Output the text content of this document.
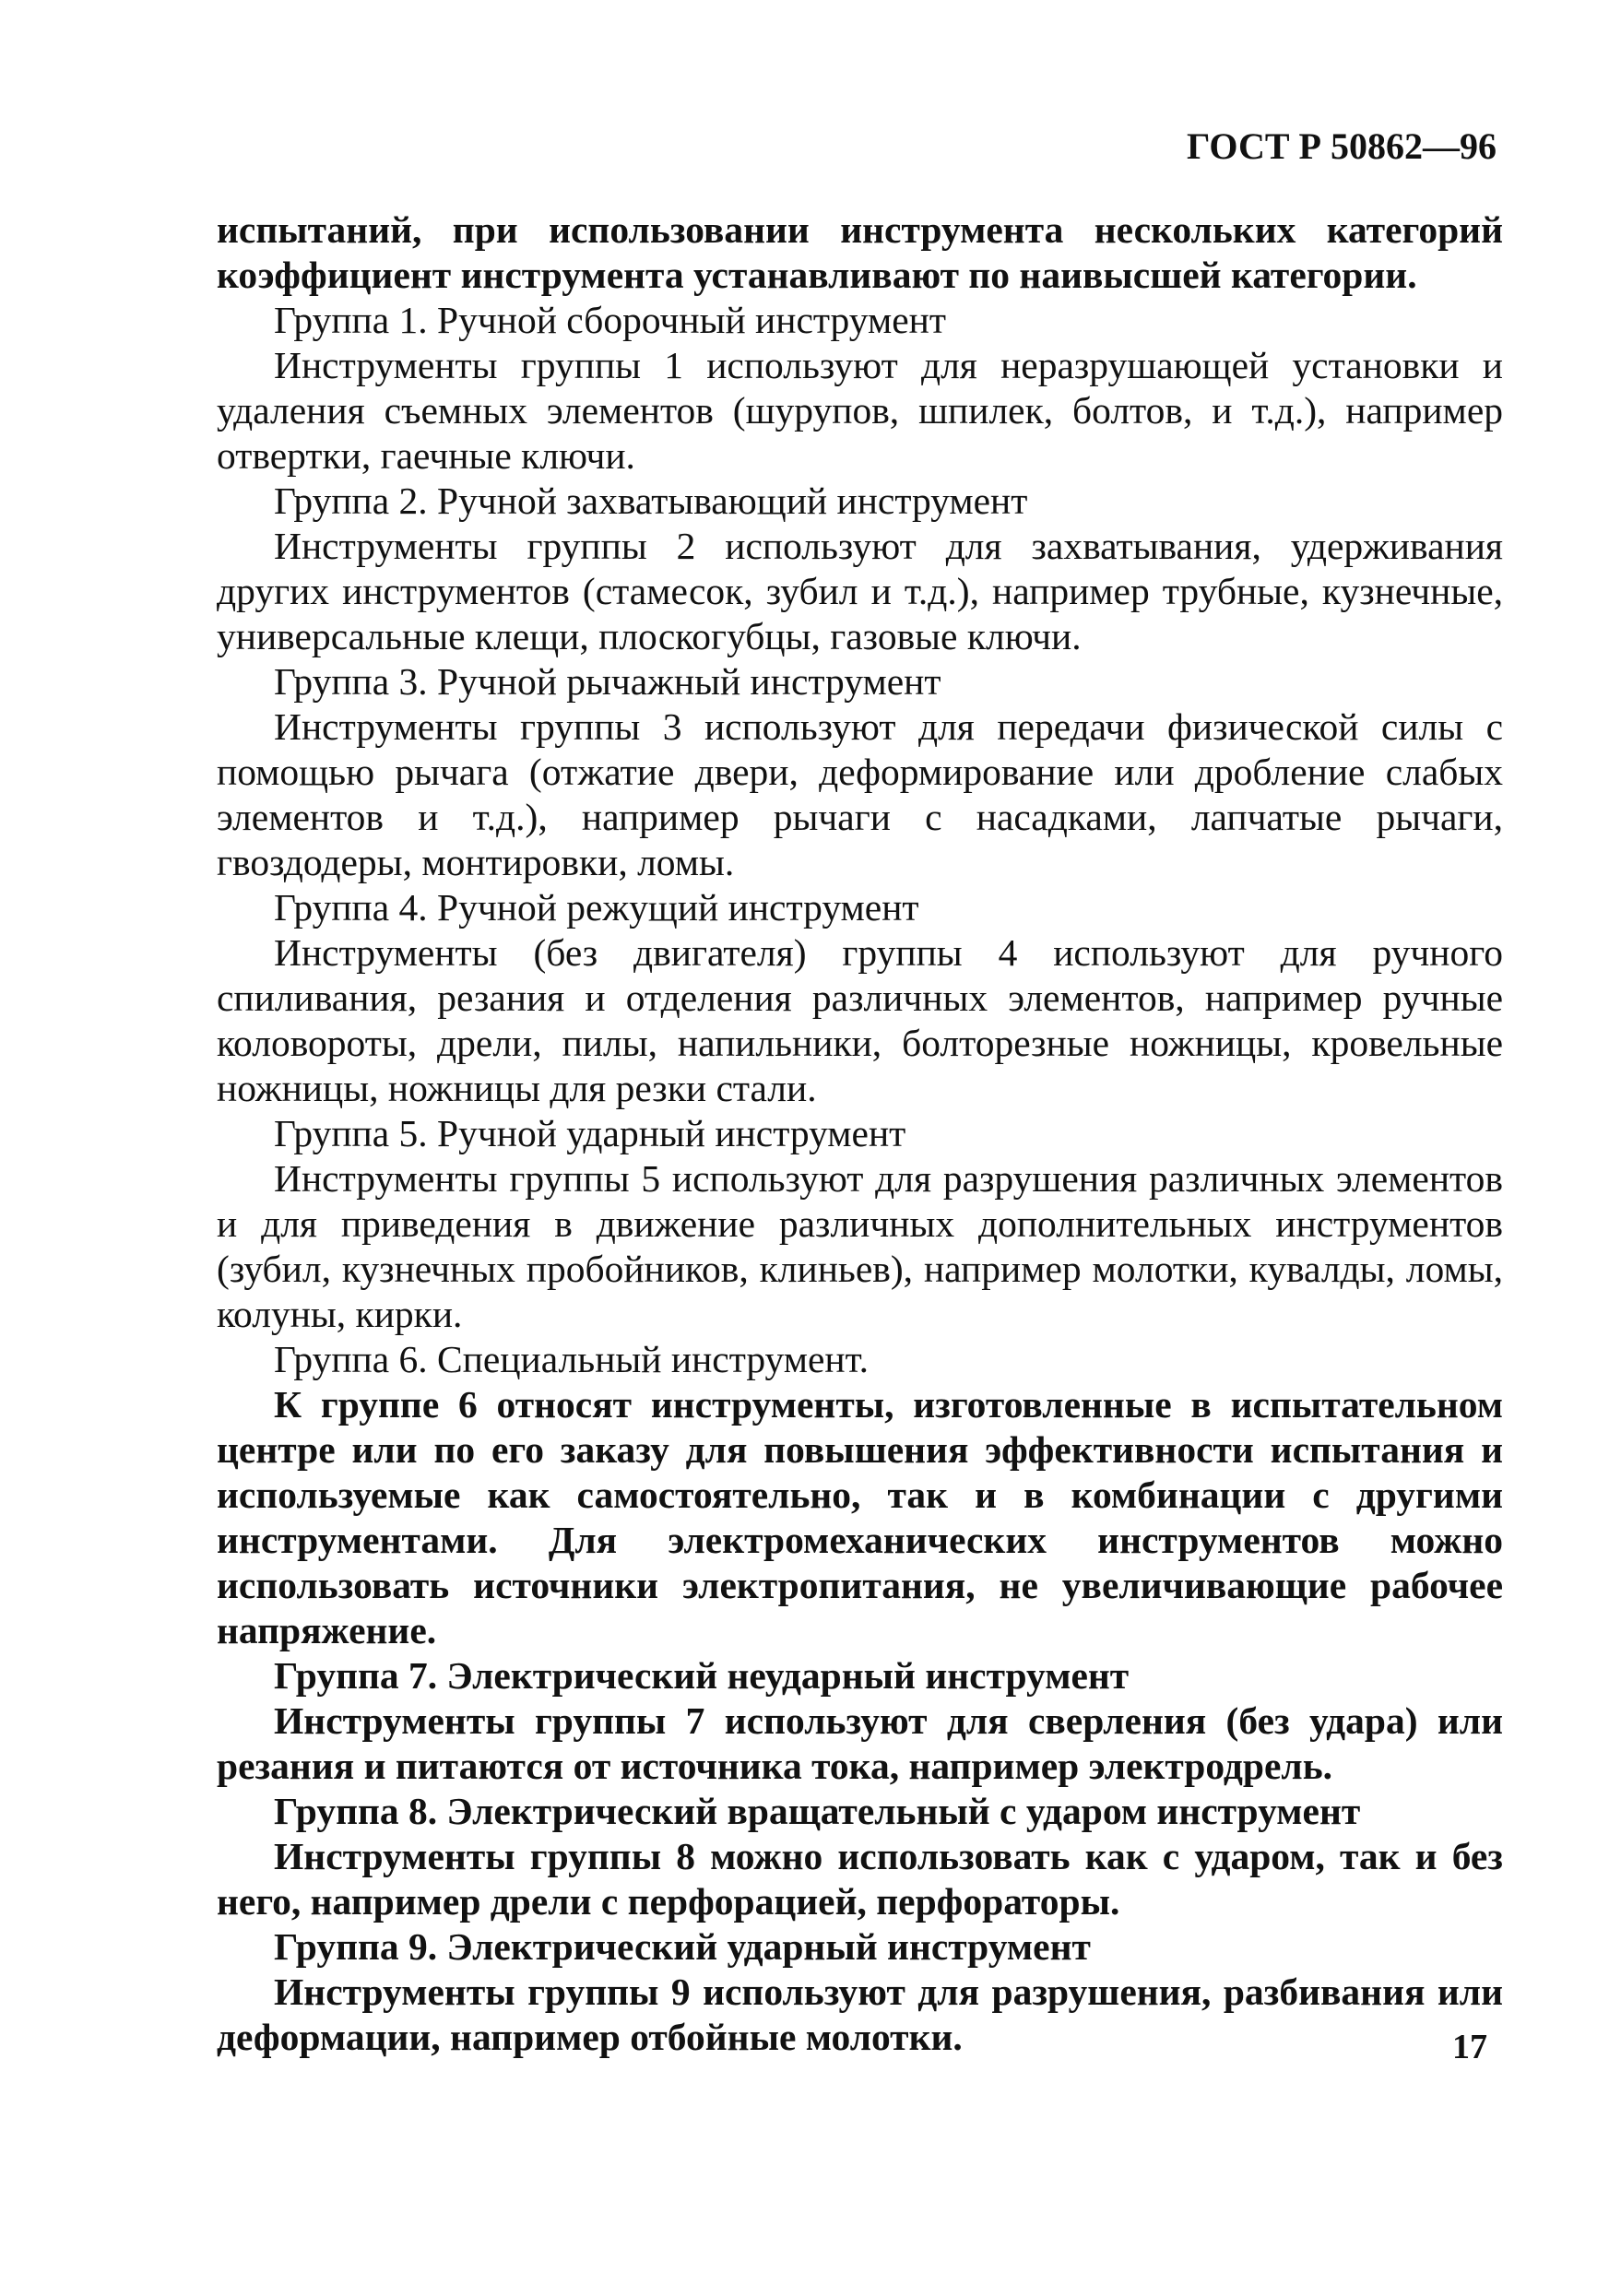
ГОСТ Р 50862—96

испытаний, при использовании инструмента нескольких категорий коэффициент инструмента устанавливают по наивысшей категории.

Группа 1. Ручной сборочный инструмент

Инструменты группы 1 используют для неразрушающей установки и удаления съемных элементов (шурупов, шпилек, болтов, и т.д.), например отвертки, гаечные ключи.

Группа 2. Ручной захватывающий инструмент

Инструменты группы 2 используют для захватывания, удерживания других инструментов (стамесок, зубил и т.д.), например трубные, кузнечные, универсальные клещи, плоскогубцы, газовые ключи.

Группа 3. Ручной рычажный инструмент

Инструменты группы 3 используют для передачи физической силы с помощью рычага (отжатие двери, деформирование или дробление слабых элементов и т.д.), например рычаги с насадками, лапчатые рычаги, гвоздодеры, монтировки, ломы.

Группа 4. Ручной режущий инструмент

Инструменты (без двигателя) группы 4 используют для ручного спиливания, резания и отделения различных элементов, например ручные коловороты, дрели, пилы, напильники, болторезные ножницы, кровельные ножницы, ножницы для резки стали.

Группа 5. Ручной ударный инструмент

Инструменты группы 5 используют для разрушения различных элементов и для приведения в движение различных дополнительных инструментов (зубил, кузнечных пробойников, клиньев), например молотки, кувалды, ломы, колуны, кирки.

Группа 6. Специальный инструмент.

К группе 6 относят инструменты, изготовленные в испытательном центре или по его заказу для повышения эффективности испытания и используемые как самостоятельно, так и в комбинации с другими инструментами. Для электромеханических инструментов можно использовать источники электропитания, не увеличивающие рабочее напряжение.

Группа 7. Электрический неударный инструмент

Инструменты группы 7 используют для сверления (без удара) или резания и питаются от источника тока, например электродрель.

Группа 8. Электрический вращательный с ударом инструмент

Инструменты группы 8 можно использовать как с ударом, так и без него, например дрели с перфорацией, перфораторы.

Группа 9. Электрический ударный инструмент

Инструменты группы 9 используют для разрушения, разбивания или деформации, например отбойные молотки.	17
